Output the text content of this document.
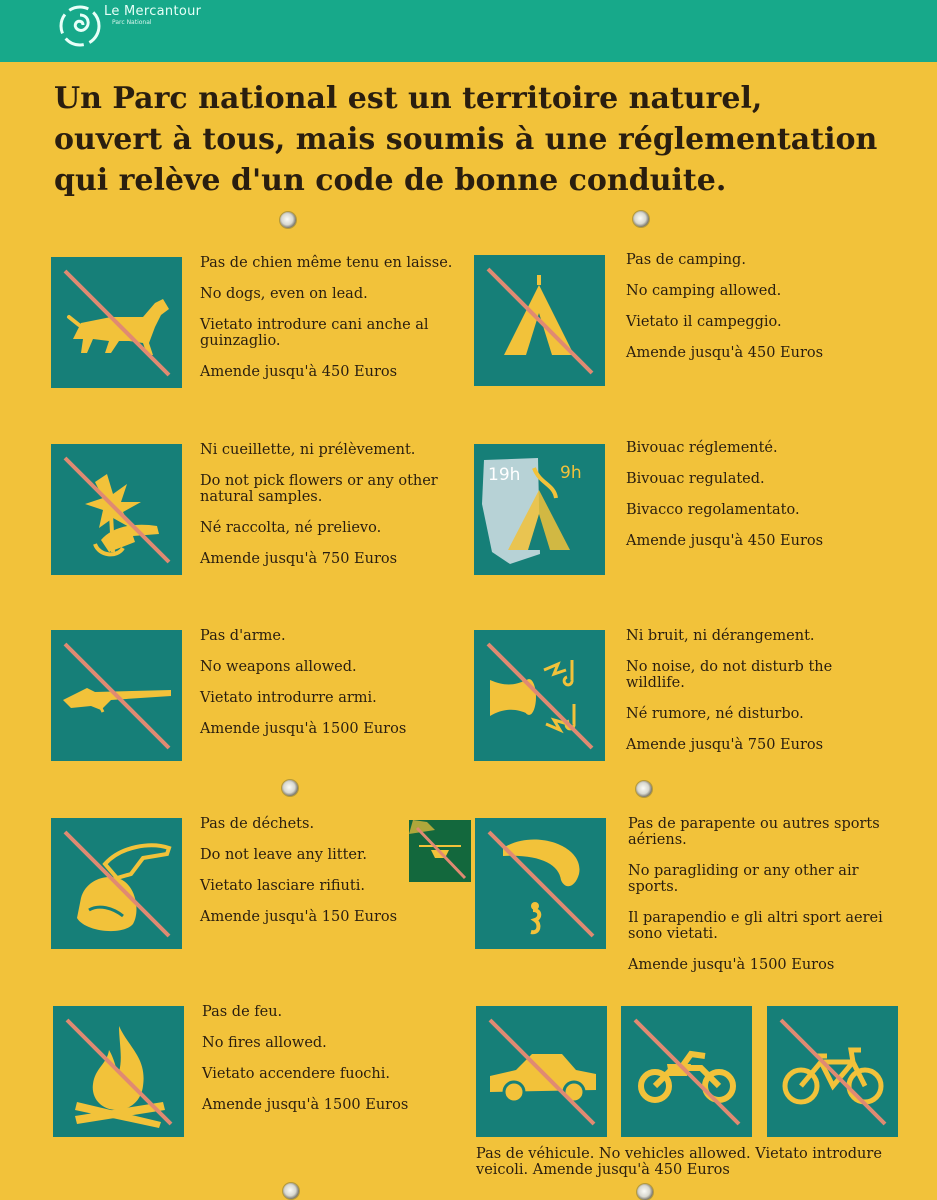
Le Mercantour
Parc National
Un Parc national est un territoire naturel,
ouvert à tous, mais soumis à une réglementation
qui relève d'un code de bonne conduite.

Pas de chien même tenu en laisse.

No dogs, even on lead.

Vietato introdure cani anche al guinzaglio.

Amende jusqu'à 450 Euros

Pas de camping.

No camping allowed.

Vietato il campeggio.

Amende jusqu'à 450 Euros

Ni cueillette, ni prélèvement.

Do not pick flowers or any other natural samples.

Né raccolta, né prelievo.

Amende jusqu'à 750 Euros

19h 9h

Bivouac réglementé.

Bivouac regulated.

Bivacco regolamentato.

Amende jusqu'à 450 Euros

Pas d'arme.

No weapons allowed.

Vietato introdurre armi.

Amende jusqu'à 1500 Euros

Ni bruit, ni dérangement.

No noise, do not disturb the wildlife.

Né rumore, né disturbo.

Amende jusqu'à 750 Euros

Pas de déchets.

Do not leave any litter.

Vietato lasciare rifiuti.

Amende jusqu'à 150 Euros

Pas de parapente ou autres sports aériens.

No paragliding or any other air sports.

Il parapendio e gli altri sport aerei sono vietati.

Amende jusqu'à 1500 Euros

Pas de feu.

No fires allowed.

Vietato accendere fuochi.

Amende jusqu'à 1500 Euros

Pas de véhicule. No vehicles allowed. Vietato introdure veicoli. Amende jusqu'à 450 Euros
